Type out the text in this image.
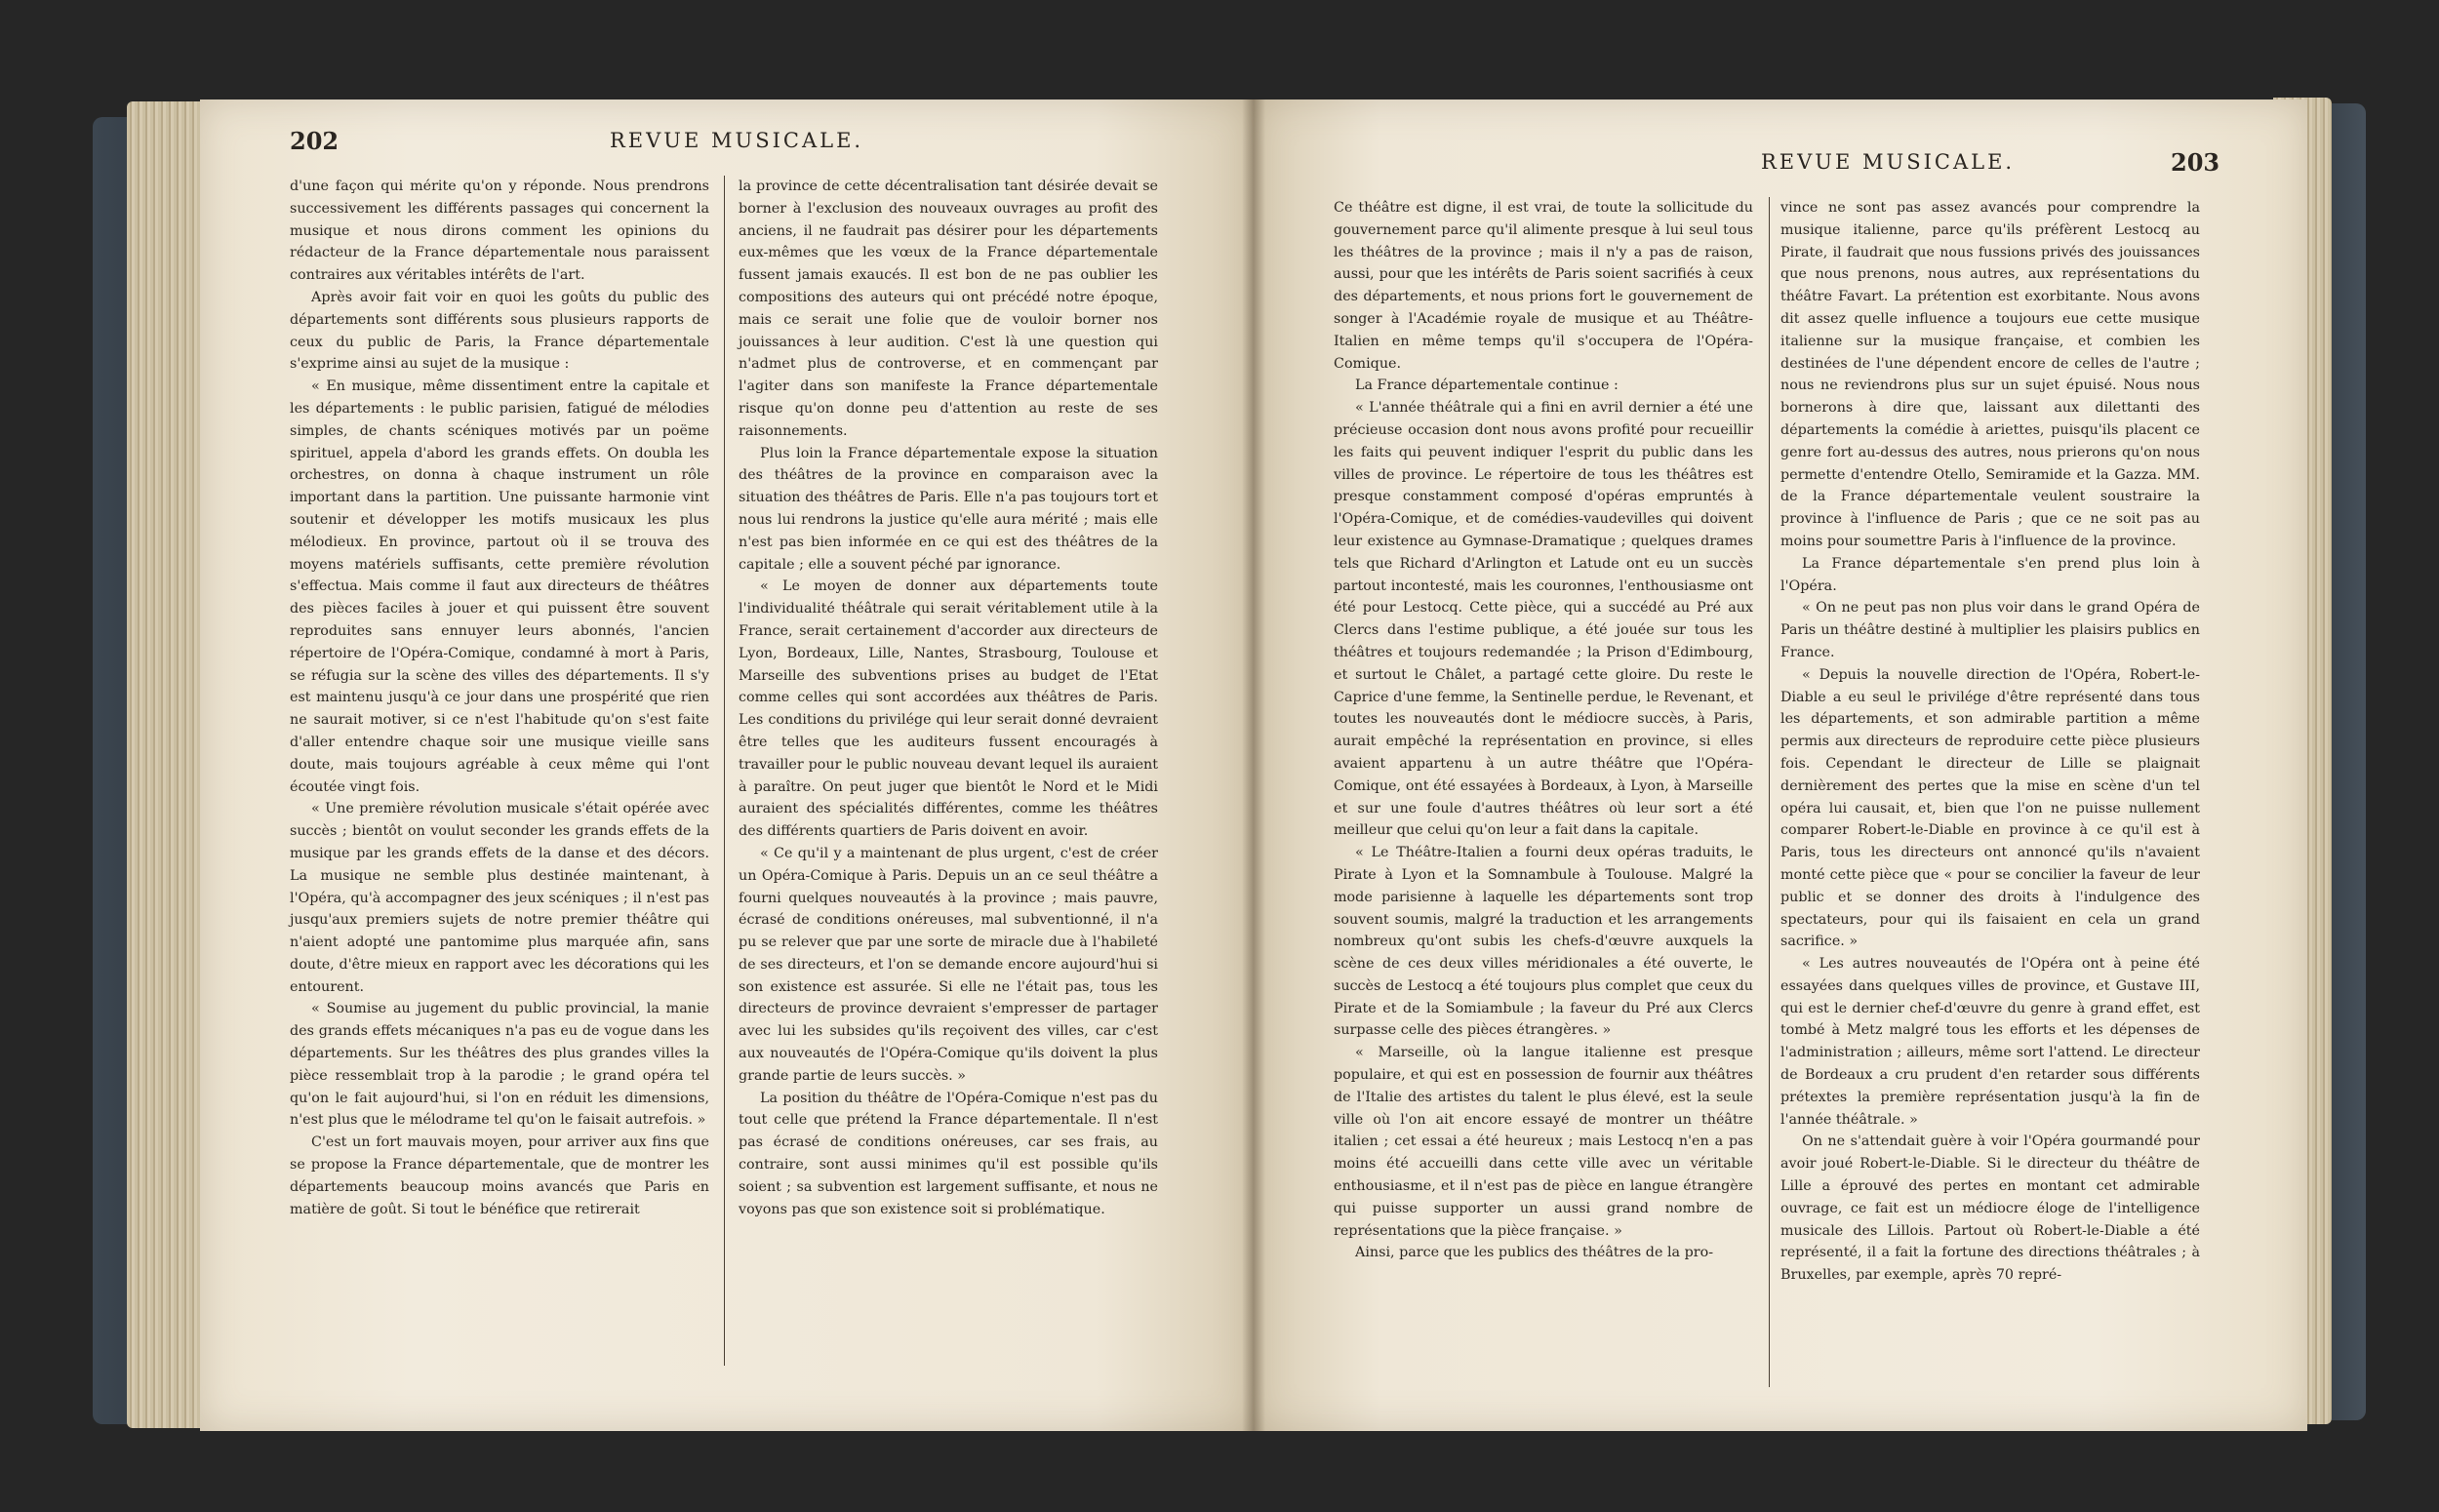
202	REVUE MUSICALE.

d'une façon qui mérite qu'on y réponde. Nous prendrons successivement les différents passages qui concernent la musique et nous dirons comment les opinions du rédacteur de la France départementale nous paraissent contraires aux véritables intérêts de l'art.

Après avoir fait voir en quoi les goûts du public des départements sont différents sous plusieurs rapports de ceux du public de Paris, la France départementale s'exprime ainsi au sujet de la musique :

« En musique, même dissentiment entre la capitale et les départements : le public parisien, fatigué de mélodies simples, de chants scéniques motivés par un poëme spirituel, appela d'abord les grands effets. On doubla les orchestres, on donna à chaque instrument un rôle important dans la partition. Une puissante harmonie vint soutenir et développer les motifs musicaux les plus mélodieux. En province, partout où il se trouva des moyens matériels suffisants, cette première révolution s'effectua. Mais comme il faut aux directeurs de théâtres des pièces faciles à jouer et qui puissent être souvent reproduites sans ennuyer leurs abonnés, l'ancien répertoire de l'Opéra-Comique, condamné à mort à Paris, se réfugia sur la scène des villes des départements. Il s'y est maintenu jusqu'à ce jour dans une prospérité que rien ne saurait motiver, si ce n'est l'habitude qu'on s'est faite d'aller entendre chaque soir une musique vieille sans doute, mais toujours agréable à ceux même qui l'ont écoutée vingt fois.

« Une première révolution musicale s'était opérée avec succès ; bientôt on voulut seconder les grands effets de la musique par les grands effets de la danse et des décors. La musique ne semble plus destinée maintenant, à l'Opéra, qu'à accompagner des jeux scéniques ; il n'est pas jusqu'aux premiers sujets de notre premier théâtre qui n'aient adopté une pantomime plus marquée afin, sans doute, d'être mieux en rapport avec les décorations qui les entourent.

« Soumise au jugement du public provincial, la manie des grands effets mécaniques n'a pas eu de vogue dans les départements. Sur les théâtres des plus grandes villes la pièce ressemblait trop à la parodie ; le grand opéra tel qu'on le fait aujourd'hui, si l'on en réduit les dimensions, n'est plus que le mélodrame tel qu'on le faisait autrefois. »

C'est un fort mauvais moyen, pour arriver aux fins que se propose la France départementale, que de montrer les départements beaucoup moins avancés que Paris en matière de goût. Si tout le bénéfice que retirerait

la province de cette décentralisation tant désirée devait se borner à l'exclusion des nouveaux ouvrages au profit des anciens, il ne faudrait pas désirer pour les départements eux-mêmes que les vœux de la France départementale fussent jamais exaucés. Il est bon de ne pas oublier les compositions des auteurs qui ont précédé notre époque, mais ce serait une folie que de vouloir borner nos jouissances à leur audition. C'est là une question qui n'admet plus de controverse, et en commençant par l'agiter dans son manifeste la France départementale risque qu'on donne peu d'attention au reste de ses raisonnements.

Plus loin la France départementale expose la situation des théâtres de la province en comparaison avec la situation des théâtres de Paris. Elle n'a pas toujours tort et nous lui rendrons la justice qu'elle aura mérité ; mais elle n'est pas bien informée en ce qui est des théâtres de la capitale ; elle a souvent péché par ignorance.

« Le moyen de donner aux départements toute l'individualité théâtrale qui serait véritablement utile à la France, serait certainement d'accorder aux directeurs de Lyon, Bordeaux, Lille, Nantes, Strasbourg, Toulouse et Marseille des subventions prises au budget de l'Etat comme celles qui sont accordées aux théâtres de Paris. Les conditions du privilége qui leur serait donné devraient être telles que les auditeurs fussent encouragés à travailler pour le public nouveau devant lequel ils auraient à paraître. On peut juger que bientôt le Nord et le Midi auraient des spécialités différentes, comme les théâtres des différents quartiers de Paris doivent en avoir.

« Ce qu'il y a maintenant de plus urgent, c'est de créer un Opéra-Comique à Paris. Depuis un an ce seul théâtre a fourni quelques nouveautés à la province ; mais pauvre, écrasé de conditions onéreuses, mal subventionné, il n'a pu se relever que par une sorte de miracle due à l'habileté de ses directeurs, et l'on se demande encore aujourd'hui si son existence est assurée. Si elle ne l'était pas, tous les directeurs de province devraient s'empresser de partager avec lui les subsides qu'ils reçoivent des villes, car c'est aux nouveautés de l'Opéra-Comique qu'ils doivent la plus grande partie de leurs succès. »

La position du théâtre de l'Opéra-Comique n'est pas du tout celle que prétend la France départementale. Il n'est pas écrasé de conditions onéreuses, car ses frais, au contraire, sont aussi minimes qu'il est possible qu'ils soient ; sa subvention est largement suffisante, et nous ne voyons pas que son existence soit si problématique.

REVUE MUSICALE.	203

Ce théâtre est digne, il est vrai, de toute la sollicitude du gouvernement parce qu'il alimente presque à lui seul tous les théâtres de la province ; mais il n'y a pas de raison, aussi, pour que les intérêts de Paris soient sacrifiés à ceux des départements, et nous prions fort le gouvernement de songer à l'Académie royale de musique et au Théâtre-Italien en même temps qu'il s'occupera de l'Opéra-Comique.

La France départementale continue :

« L'année théâtrale qui a fini en avril dernier a été une précieuse occasion dont nous avons profité pour recueillir les faits qui peuvent indiquer l'esprit du public dans les villes de province. Le répertoire de tous les théâtres est presque constamment composé d'opéras empruntés à l'Opéra-Comique, et de comédies-vaudevilles qui doivent leur existence au Gymnase-Dramatique ; quelques drames tels que Richard d'Arlington et Latude ont eu un succès partout incontesté, mais les couronnes, l'enthousiasme ont été pour Lestocq. Cette pièce, qui a succédé au Pré aux Clercs dans l'estime publique, a été jouée sur tous les théâtres et toujours redemandée ; la Prison d'Edimbourg, et surtout le Châlet, a partagé cette gloire. Du reste le Caprice d'une femme, la Sentinelle perdue, le Revenant, et toutes les nouveautés dont le médiocre succès, à Paris, aurait empêché la représentation en province, si elles avaient appartenu à un autre théâtre que l'Opéra-Comique, ont été essayées à Bordeaux, à Lyon, à Marseille et sur une foule d'autres théâtres où leur sort a été meilleur que celui qu'on leur a fait dans la capitale.

« Le Théâtre-Italien a fourni deux opéras traduits, le Pirate à Lyon et la Somnambule à Toulouse. Malgré la mode parisienne à laquelle les départements sont trop souvent soumis, malgré la traduction et les arrangements nombreux qu'ont subis les chefs-d'œuvre auxquels la scène de ces deux villes méridionales a été ouverte, le succès de Lestocq a été toujours plus complet que ceux du Pirate et de la Somiambule ; la faveur du Pré aux Clercs surpasse celle des pièces étrangères. »

« Marseille, où la langue italienne est presque populaire, et qui est en possession de fournir aux théâtres de l'Italie des artistes du talent le plus élevé, est la seule ville où l'on ait encore essayé de montrer un théâtre italien ; cet essai a été heureux ; mais Lestocq n'en a pas moins été accueilli dans cette ville avec un véritable enthousiasme, et il n'est pas de pièce en langue étrangère qui puisse supporter un aussi grand nombre de représentations que la pièce française. »

Ainsi, parce que les publics des théâtres de la pro-

vince ne sont pas assez avancés pour comprendre la musique italienne, parce qu'ils préfèrent Lestocq au Pirate, il faudrait que nous fussions privés des jouissances que nous prenons, nous autres, aux représentations du théâtre Favart. La prétention est exorbitante. Nous avons dit assez quelle influence a toujours eue cette musique italienne sur la musique française, et combien les destinées de l'une dépendent encore de celles de l'autre ; nous ne reviendrons plus sur un sujet épuisé. Nous nous bornerons à dire que, laissant aux dilettanti des départements la comédie à ariettes, puisqu'ils placent ce genre fort au-dessus des autres, nous prierons qu'on nous permette d'entendre Otello, Semiramide et la Gazza. MM. de la France départementale veulent soustraire la province à l'influence de Paris ; que ce ne soit pas au moins pour soumettre Paris à l'influence de la province.

La France départementale s'en prend plus loin à l'Opéra.

« On ne peut pas non plus voir dans le grand Opéra de Paris un théâtre destiné à multiplier les plaisirs publics en France.

« Depuis la nouvelle direction de l'Opéra, Robert-le-Diable a eu seul le privilége d'être représenté dans tous les départements, et son admirable partition a même permis aux directeurs de reproduire cette pièce plusieurs fois. Cependant le directeur de Lille se plaignait dernièrement des pertes que la mise en scène d'un tel opéra lui causait, et, bien que l'on ne puisse nullement comparer Robert-le-Diable en province à ce qu'il est à Paris, tous les directeurs ont annoncé qu'ils n'avaient monté cette pièce que « pour se concilier la faveur de leur public et se donner des droits à l'indulgence des spectateurs, pour qui ils faisaient en cela un grand sacrifice. »

« Les autres nouveautés de l'Opéra ont à peine été essayées dans quelques villes de province, et Gustave III, qui est le dernier chef-d'œuvre du genre à grand effet, est tombé à Metz malgré tous les efforts et les dépenses de l'administration ; ailleurs, même sort l'attend. Le directeur de Bordeaux a cru prudent d'en retarder sous différents prétextes la première représentation jusqu'à la fin de l'année théâtrale. »

On ne s'attendait guère à voir l'Opéra gourmandé pour avoir joué Robert-le-Diable. Si le directeur du théâtre de Lille a éprouvé des pertes en montant cet admirable ouvrage, ce fait est un médiocre éloge de l'intelligence musicale des Lillois. Partout où Robert-le-Diable a été représenté, il a fait la fortune des directions théâtrales ; à Bruxelles, par exemple, après 70 repré-
